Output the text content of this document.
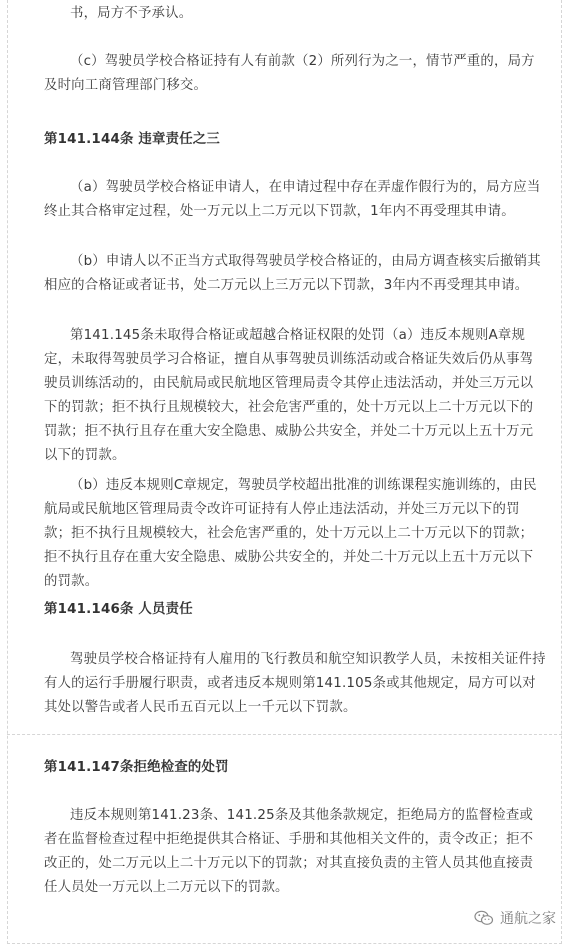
书，局方不予承认。

（c）驾驶员学校合格证持有人有前款（2）所列行为之一，情节严重的，局方及时向工商管理部门移交。

第141.144条 违章责任之三

（a）驾驶员学校合格证申请人，在申请过程中存在弄虚作假行为的，局方应当终止其合格审定过程，处一万元以上二万元以下罚款，1年内不再受理其申请。

（b）申请人以不正当方式取得驾驶员学校合格证的，由局方调查核实后撤销其相应的合格证或者证书，处二万元以上三万元以下罚款，3年内不再受理其申请。

第141.145条未取得合格证或超越合格证权限的处罚（a）违反本规则A章规定，未取得驾驶员学习合格证，擅自从事驾驶员训练活动或合格证失效后仍从事驾驶员训练活动的，由民航局或民航地区管理局责令其停止违法活动，并处三万元以下的罚款；拒不执行且规模较大，社会危害严重的，处十万元以上二十万元以下的罚款；拒不执行且存在重大安全隐患、威胁公共安全，并处二十万元以上五十万元以下的罚款。

（b）违反本规则C章规定，驾驶员学校超出批准的训练课程实施训练的，由民航局或民航地区管理局责令改许可证持有人停止违法活动，并处三万元以下的罚款；拒不执行且规模较大，社会危害严重的，处十万元以上二十万元以下的罚款；拒不执行且存在重大安全隐患、威胁公共安全的，并处二十万元以上五十万元以下的罚款。

第141.146条 人员责任

驾驶员学校合格证持有人雇用的飞行教员和航空知识教学人员，未按相关证件持有人的运行手册履行职责，或者违反本规则第141.105条或其他规定，局方可以对其处以警告或者人民币五百元以上一千元以下罚款。

第141.147条拒绝检查的处罚

违反本规则第141.23条、141.25条及其他条款规定，拒绝局方的监督检查或者在监督检查过程中拒绝提供其合格证、手册和其他相关文件的，责令改正；拒不改正的，处二万元以上二十万元以下的罚款；对其直接负责的主管人员其他直接责任人员处一万元以上二万元以下的罚款。

通航之家
